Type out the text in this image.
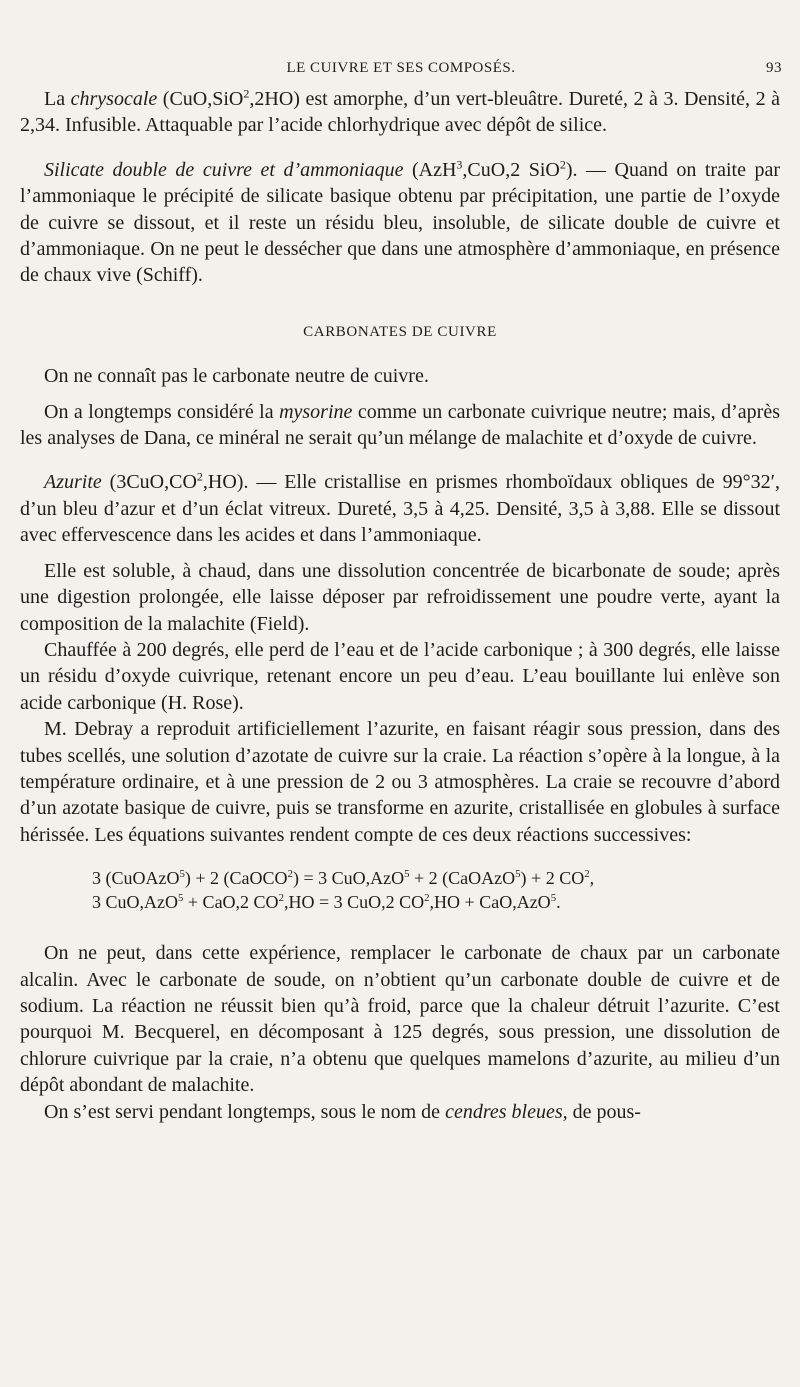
LE CUIVRE ET SES COMPOSÉS.	93

La chrysocale (CuO,SiO$^2$,2HO) est amorphe, d’un vert-bleuâtre. Dureté, 2 à 3. Densité, 2 à 2,34. Infusible. Attaquable par l’acide chlorhydrique avec dépôt de silice.

Silicate double de cuivre et d’ammoniaque (AzH$^3$,CuO,2 SiO$^2$). — Quand on traite par l’ammoniaque le précipité de silicate basique obtenu par précipitation, une partie de l’oxyde de cuivre se dissout, et il reste un résidu bleu, insoluble, de silicate double de cuivre et d’ammoniaque. On ne peut le dessécher que dans une atmosphère d’ammoniaque, en présence de chaux vive (Schiff).

CARBONATES DE CUIVRE

On ne connaît pas le carbonate neutre de cuivre.

On a longtemps considéré la mysorine comme un carbonate cuivrique neutre; mais, d’après les analyses de Dana, ce minéral ne serait qu’un mélange de malachite et d’oxyde de cuivre.

Azurite $(3CuO,CO^2,HO)$. — Elle cristallise en prismes rhomboïdaux obliques de 99°32′, d’un bleu d’azur et d’un éclat vitreux. Dureté, 3,5 à 4,25. Densité, 3,5 à 3,88. Elle se dissout avec effervescence dans les acides et dans l’ammoniaque.

Elle est soluble, à chaud, dans une dissolution concentrée de bicarbonate de soude; après une digestion prolongée, elle laisse déposer par refroidissement une poudre verte, ayant la composition de la malachite (Field).

Chauffée à 200 degrés, elle perd de l’eau et de l’acide carbonique ; à 300 degrés, elle laisse un résidu d’oxyde cuivrique, retenant encore un peu d’eau. L’eau bouillante lui enlève son acide carbonique (H. Rose).

M. Debray a reproduit artificiellement l’azurite, en faisant réagir sous pression, dans des tubes scellés, une solution d’azotate de cuivre sur la craie. La réaction s’opère à la longue, à la température ordinaire, et à une pression de 2 ou 3 atmosphères. La craie se recouvre d’abord d’un azotate basique de cuivre, puis se transforme en azurite, cristallisée en globules à surface hérissée. Les équations suivantes rendent compte de ces deux réactions successives:

3 (CuOAzO$^5$) + 2 (CaOCO$^2$) = 3 CuO,AzO$^5$ + 2 (CaOAzO$^5$) + 2 $CO^2$,
3 CuO,AzO$^5$ + CaO,2 $CO^2,HO = 3$ CuO,2 $CO^2,HO + CaO,AzO^5$.

On ne peut, dans cette expérience, remplacer le carbonate de chaux par un carbonate alcalin. Avec le carbonate de soude, on n’obtient qu’un carbonate double de cuivre et de sodium. La réaction ne réussit bien qu’à froid, parce que la chaleur détruit l’azurite. C’est pourquoi M. Becquerel, en décomposant à 125 degrés, sous pression, une dissolution de chlorure cuivrique par la craie, n’a obtenu que quelques mamelons d’azurite, au milieu d’un dépôt abondant de malachite.

On s’est servi pendant longtemps, sous le nom de cendres bleues, de pous-
